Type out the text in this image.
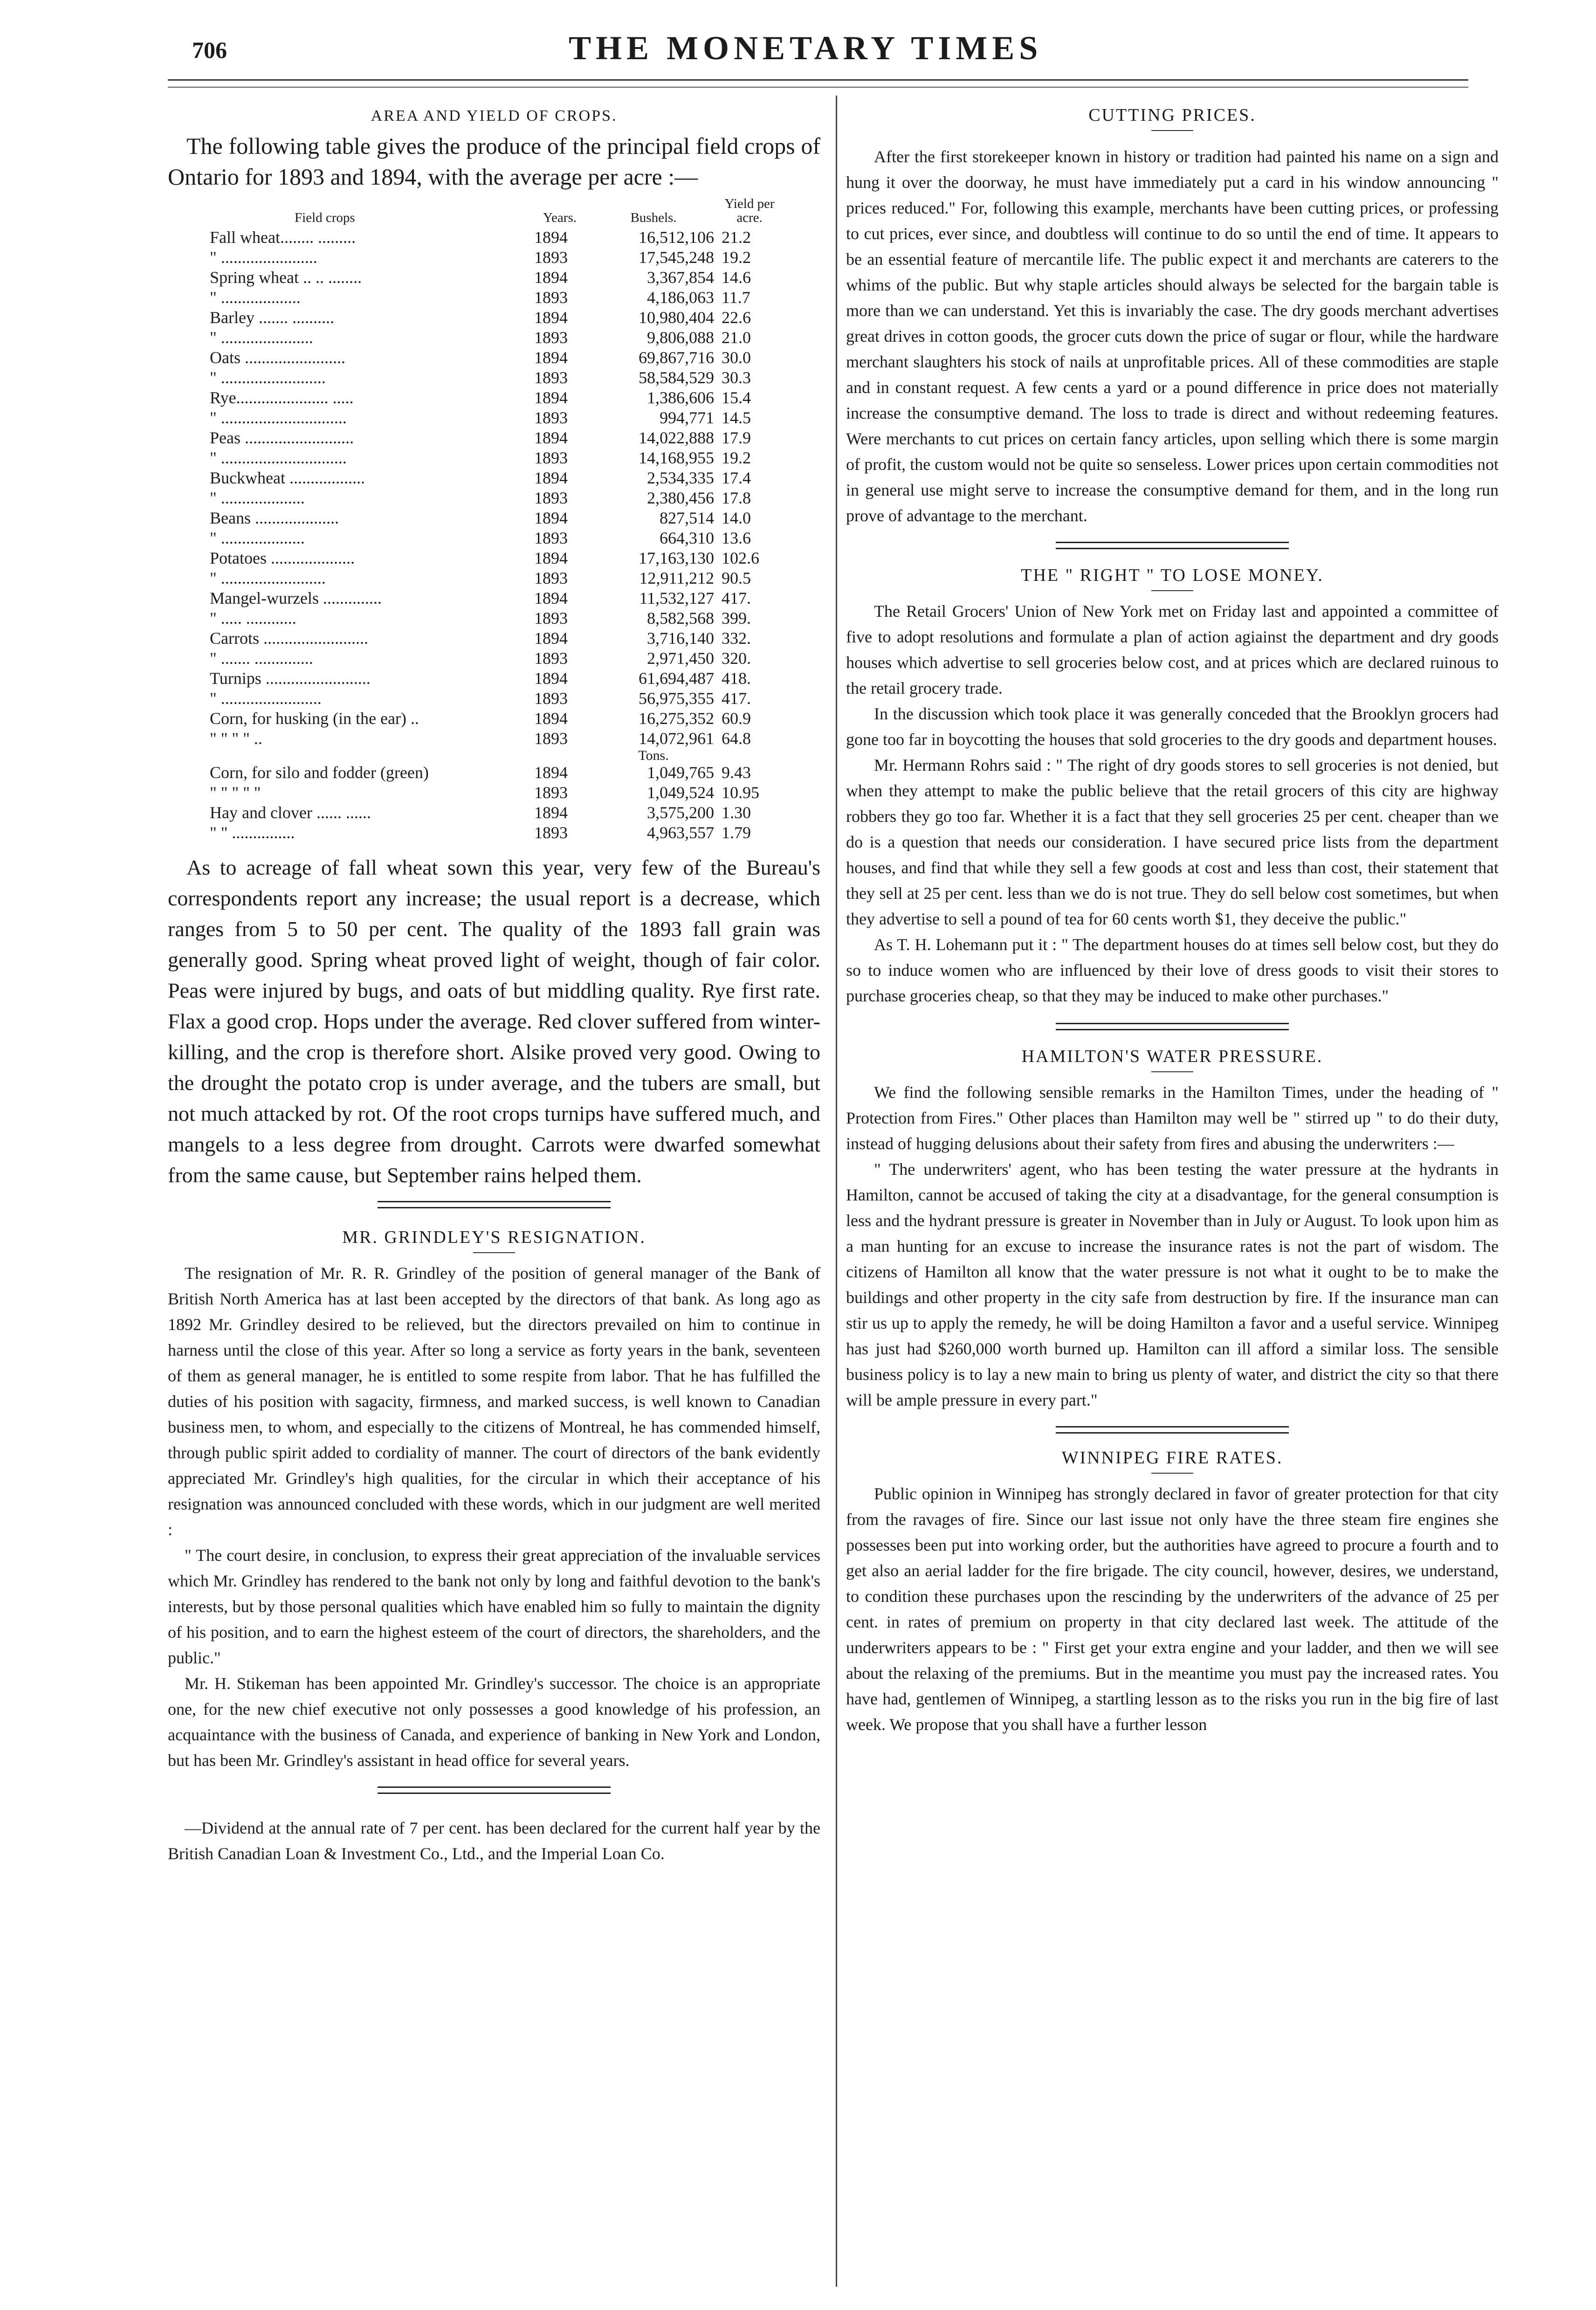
706	THE MONETARY TIMES
AREA AND YIELD OF CROPS.

The following table gives the produce of the principal field crops of Ontario for 1893 and 1894, with the average per acre :—

Field crops	Years.	Bushels.	Yield per acre.
Fall wheat........ .........	1894	16,512,106	21.2
" .......................	1893	17,545,248	19.2
Spring wheat .. .. ........	1894	3,367,854	14.6
" ...................	1893	4,186,063	11.7
Barley ....... ..........	1894	10,980,404	22.6
" ......................	1893	9,806,088	21.0
Oats ........................	1894	69,867,716	30.0
" .........................	1893	58,584,529	30.3
Rye...................... .....	1894	1,386,606	15.4
" ..............................	1893	994,771	14.5
Peas ..........................	1894	14,022,888	17.9
" ..............................	1893	14,168,955	19.2
Buckwheat ..................	1894	2,534,335	17.4
" ....................	1893	2,380,456	17.8
Beans ....................	1894	827,514	14.0
" ....................	1893	664,310	13.6
Potatoes ....................	1894	17,163,130	102.6
" .........................	1893	12,911,212	90.5
Mangel-wurzels ..............	1894	11,532,127	417.
" ..... ............	1893	8,582,568	399.
Carrots .........................	1894	3,716,140	332.
" ....... ..............	1893	2,971,450	320.
Turnips .........................	1894	61,694,487	418.
" ........................	1893	56,975,355	417.
Corn, for husking (in the ear) ..	1894	16,275,352	60.9
" " " " ..	1893	14,072,961	64.8
		Tons.	
Corn, for silo and fodder (green)	1894	1,049,765	9.43
" " " " "	1893	1,049,524	10.95
Hay and clover ...... ......	1894	3,575,200	1.30
" " ...............	1893	4,963,557	1.79

As to acreage of fall wheat sown this year, very few of the Bureau's correspondents report any increase; the usual report is a decrease, which ranges from 5 to 50 per cent. The quality of the 1893 fall grain was generally good. Spring wheat proved light of weight, though of fair color. Peas were injured by bugs, and oats of but middling quality. Rye first rate. Flax a good crop. Hops under the average. Red clover suffered from winter-killing, and the crop is therefore short. Alsike proved very good. Owing to the drought the potato crop is under average, and the tubers are small, but not much attacked by rot. Of the root crops turnips have suffered much, and mangels to a less degree from drought. Carrots were dwarfed somewhat from the same cause, but September rains helped them.

MR. GRINDLEY'S RESIGNATION.

The resignation of Mr. R. R. Grindley of the position of general manager of the Bank of British North America has at last been accepted by the directors of that bank. As long ago as 1892 Mr. Grindley desired to be relieved, but the directors prevailed on him to continue in harness until the close of this year. After so long a service as forty years in the bank, seventeen of them as general manager, he is entitled to some respite from labor. That he has fulfilled the duties of his position with sagacity, firmness, and marked success, is well known to Canadian business men, to whom, and especially to the citizens of Montreal, he has commended himself, through public spirit added to cordiality of manner. The court of directors of the bank evidently appreciated Mr. Grindley's high qualities, for the circular in which their acceptance of his resignation was announced concluded with these words, which in our judgment are well merited :

" The court desire, in conclusion, to express their great appreciation of the invaluable services which Mr. Grindley has rendered to the bank not only by long and faithful devotion to the bank's interests, but by those personal qualities which have enabled him so fully to maintain the dignity of his position, and to earn the highest esteem of the court of directors, the shareholders, and the public."

Mr. H. Stikeman has been appointed Mr. Grindley's successor. The choice is an appropriate one, for the new chief executive not only possesses a good knowledge of his profession, an acquaintance with the business of Canada, and experience of banking in New York and London, but has been Mr. Grindley's assistant in head office for several years.

—Dividend at the annual rate of 7 per cent. has been declared for the current half year by the British Canadian Loan & Investment Co., Ltd., and the Imperial Loan Co.

CUTTING PRICES.

After the first storekeeper known in history or tradition had painted his name on a sign and hung it over the doorway, he must have immediately put a card in his window announcing " prices reduced." For, following this example, merchants have been cutting prices, or professing to cut prices, ever since, and doubtless will continue to do so until the end of time. It appears to be an essential feature of mercantile life. The public expect it and merchants are caterers to the whims of the public. But why staple articles should always be selected for the bargain table is more than we can understand. Yet this is invariably the case. The dry goods merchant advertises great drives in cotton goods, the grocer cuts down the price of sugar or flour, while the hardware merchant slaughters his stock of nails at unprofitable prices. All of these commodities are staple and in constant request. A few cents a yard or a pound difference in price does not materially increase the consumptive demand. The loss to trade is direct and without redeeming features. Were merchants to cut prices on certain fancy articles, upon selling which there is some margin of profit, the custom would not be quite so senseless. Lower prices upon certain commodities not in general use might serve to increase the consumptive demand for them, and in the long run prove of advantage to the merchant.

THE " RIGHT " TO LOSE MONEY.

The Retail Grocers' Union of New York met on Friday last and appointed a committee of five to adopt resolutions and formulate a plan of action agiainst the department and dry goods houses which advertise to sell groceries below cost, and at prices which are declared ruinous to the retail grocery trade.

In the discussion which took place it was generally conceded that the Brooklyn grocers had gone too far in boycotting the houses that sold groceries to the dry goods and department houses.

Mr. Hermann Rohrs said : " The right of dry goods stores to sell groceries is not denied, but when they attempt to make the public believe that the retail grocers of this city are highway robbers they go too far. Whether it is a fact that they sell groceries 25 per cent. cheaper than we do is a question that needs our consideration. I have secured price lists from the department houses, and find that while they sell a few goods at cost and less than cost, their statement that they sell at 25 per cent. less than we do is not true. They do sell below cost sometimes, but when they advertise to sell a pound of tea for 60 cents worth $1, they deceive the public."

As T. H. Lohemann put it : " The department houses do at times sell below cost, but they do so to induce women who are influenced by their love of dress goods to visit their stores to purchase groceries cheap, so that they may be induced to make other purchases."

HAMILTON'S WATER PRESSURE.

We find the following sensible remarks in the Hamilton Times, under the heading of " Protection from Fires." Other places than Hamilton may well be " stirred up " to do their duty, instead of hugging delusions about their safety from fires and abusing the underwriters :—

" The underwriters' agent, who has been testing the water pressure at the hydrants in Hamilton, cannot be accused of taking the city at a disadvantage, for the general consumption is less and the hydrant pressure is greater in November than in July or August. To look upon him as a man hunting for an excuse to increase the insurance rates is not the part of wisdom. The citizens of Hamilton all know that the water pressure is not what it ought to be to make the buildings and other property in the city safe from destruction by fire. If the insurance man can stir us up to apply the remedy, he will be doing Hamilton a favor and a useful service. Winnipeg has just had $260,000 worth burned up. Hamilton can ill afford a similar loss. The sensible business policy is to lay a new main to bring us plenty of water, and district the city so that there will be ample pressure in every part."

WINNIPEG FIRE RATES.

Public opinion in Winnipeg has strongly declared in favor of greater protection for that city from the ravages of fire. Since our last issue not only have the three steam fire engines she possesses been put into working order, but the authorities have agreed to procure a fourth and to get also an aerial ladder for the fire brigade. The city council, however, desires, we understand, to condition these purchases upon the rescinding by the underwriters of the advance of 25 per cent. in rates of premium on property in that city declared last week. The attitude of the underwriters appears to be : " First get your extra engine and your ladder, and then we will see about the relaxing of the premiums. But in the meantime you must pay the increased rates. You have had, gentlemen of Winnipeg, a startling lesson as to the risks you run in the big fire of last week. We propose that you shall have a further lesson
